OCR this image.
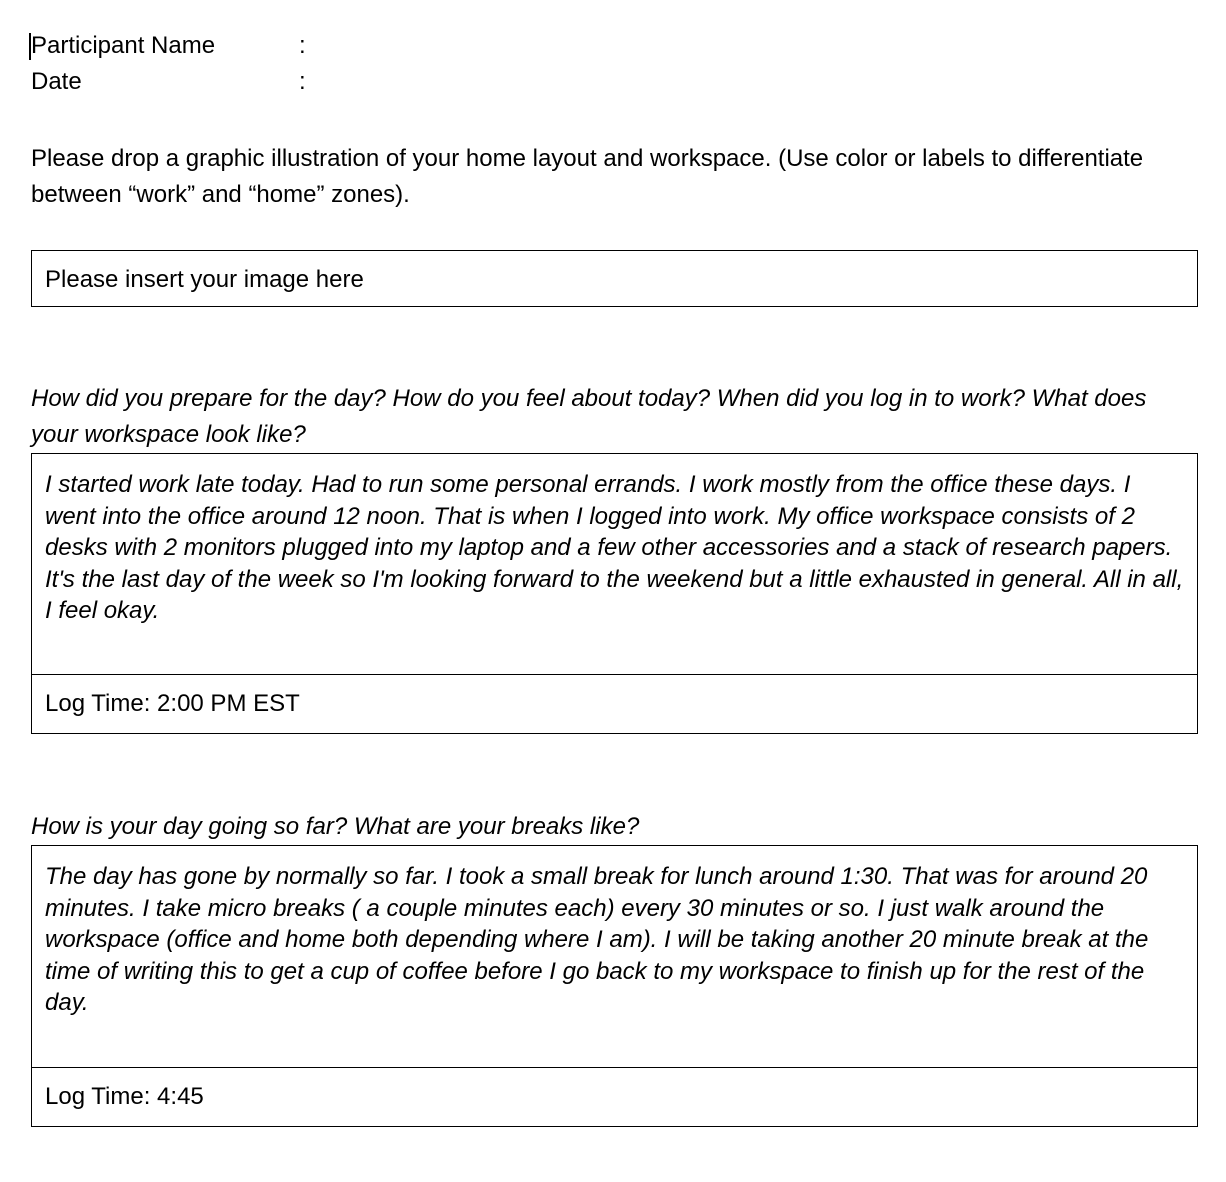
Participant Name	:
Date	:
Please drop a graphic illustration of your home layout and workspace. (Use color or labels to differentiate between “work” and “home” zones).
Please insert your image here
How did you prepare for the day? How do you feel about today? When did you log in to work? What does your workspace look like?
I started work late today. Had to run some personal errands. I work mostly from the office these days. I went into the office around 12 noon. That is when I logged into work. My office workspace consists of 2 desks with 2 monitors plugged into my laptop and a few other accessories and a stack of research papers. It's the last day of the week so I'm looking forward to the weekend but a little exhausted in general. All in all, I feel okay.
Log Time: 2:00 PM EST
How is your day going so far? What are your breaks like?
The day has gone by normally so far. I took a small break for lunch around 1:30. That was for around 20 minutes. I take micro breaks ( a couple minutes each) every 30 minutes or so. I just walk around the workspace (office and home both depending where I am). I will be taking another 20 minute break at the time of writing this to get a cup of coffee before I go back to my workspace to finish up for the rest of the day.
Log Time: 4:45
